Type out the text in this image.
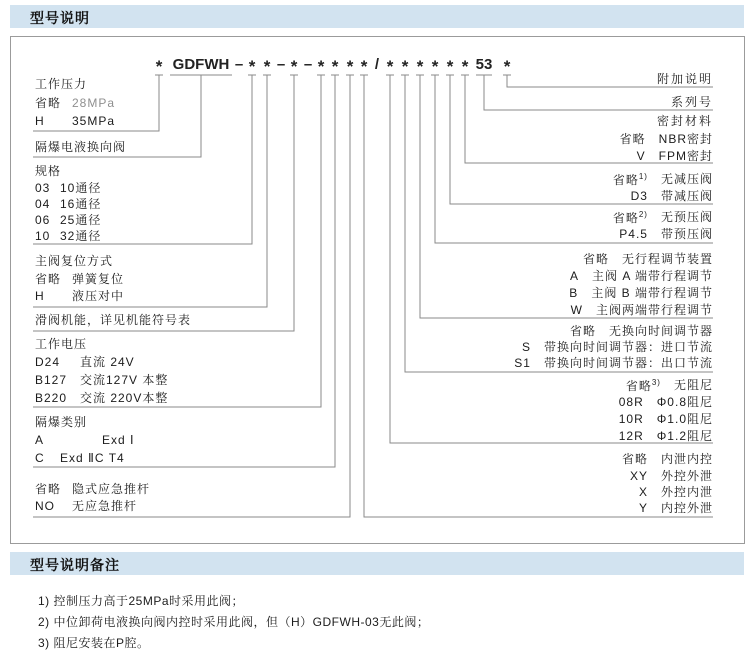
型号说明
* GDFWH – * * – * – * * * * / * * * * * * 53 *
工作压力
省略 28MPa
H	35MPa
隔爆电液换向阀
规格
03 10通径
04 16通径
06 25通径
10 32通径
主阀复位方式
省略 弹簧复位
H	液压对中
滑阀机能，详见机能符号表
工作电压
D24	直流 24V
B127	交流127V 本整
B220	交流 220V本整
隔爆类别
A	Exd Ⅰ
C	Exd ⅡC T4
省略 隐式应急推杆
NO	无应急推杆
附加说明
系列号
密封材料
省略 NBR密封
V FPM密封
省略$^{1)}$ 无减压阀
D3 带减压阀
省略$^{2)}$ 无预压阀
P4.5 带预压阀
省略 无行程调节装置
A 主阀 A 端带行程调节
B 主阀 B 端带行程调节
W 主阀两端带行程调节
省略 无换向时间调节器
S 带换向时间调节器：进口节流
S1 带换向时间调节器：出口节流
省略$^{3)}$ 无阻尼
08R Φ0.8阻尼
10R Φ1.0阻尼
12R Φ1.2阻尼
省略 内泄内控
XY 外控外泄
X 外控内泄
Y 内控外泄
型号说明备注
1) 控制压力高于25MPa时采用此阀；
2) 中位卸荷电液换向阀内控时采用此阀，但（H）GDFWH-03无此阀；
3) 阻尼安装在P腔。
